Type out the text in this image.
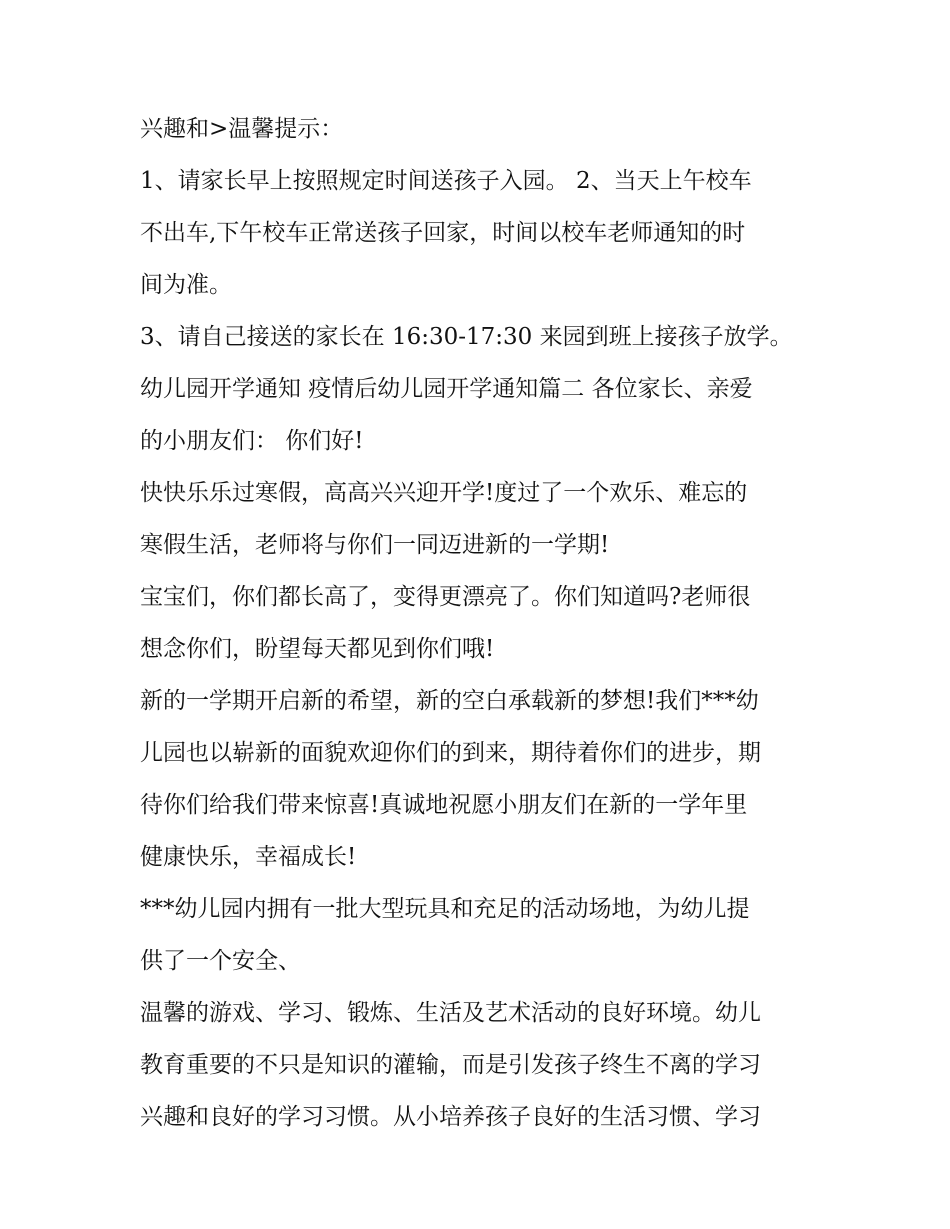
兴趣和>温馨提示：
1、请家长早上按照规定时间送孩子入园。 2、当天上午校车
不出车,下午校车正常送孩子回家，时间以校车老师通知的时
间为准。
3、请自己接送的家长在 16:30-17:30 来园到班上接孩子放学。
幼儿园开学通知 疫情后幼儿园开学通知篇二 各位家长、亲爱
的小朋友们： 你们好!
快快乐乐过寒假，高高兴兴迎开学!度过了一个欢乐、难忘的
寒假生活，老师将与你们一同迈进新的一学期!
宝宝们，你们都长高了，变得更漂亮了。你们知道吗?老师很
想念你们，盼望每天都见到你们哦!
新的一学期开启新的希望，新的空白承载新的梦想!我们***幼
儿园也以崭新的面貌欢迎你们的到来，期待着你们的进步，期
待你们给我们带来惊喜!真诚地祝愿小朋友们在新的一学年里
健康快乐，幸福成长!
***幼儿园内拥有一批大型玩具和充足的活动场地，为幼儿提
供了一个安全、
温馨的游戏、学习、锻炼、生活及艺术活动的良好环境。幼儿
教育重要的不只是知识的灌输，而是引发孩子终生不离的学习
兴趣和良好的学习习惯。从小培养孩子良好的生活习惯、学习
